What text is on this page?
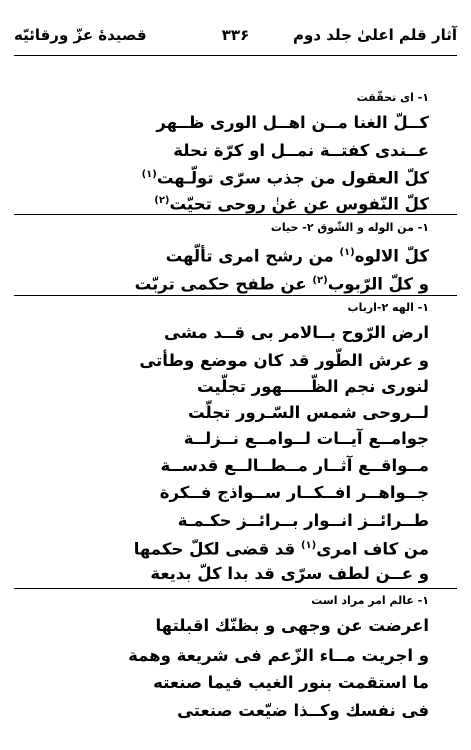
آثار قلم اعلیٰ جلد دوم
۳۳۶
قصيدهٔ عزّ ورقائيّه
۱- ای تحقّقت
كــلّ الغنا مــن اهــل الورى ظــهر
عــندى كفتــة نمــل او كرّة نحلة
كلّ العقول من جذب سرّى تولّـهت$^{(۱)}$
كلّ النّفوس عن غنٰ روحی تحیّت$^{(۲)}$
۱- من الوله و الشّوق ۲- حیات
كلّ الالوه$^{(۱)}$ من رشح امرى تألّهت
و كلّ الرّبوب$^{(۲)}$ عن طفح حكمی تربّت
۱- الهه ۲-ارباب
ارض الرّوح بــالامر بى قــد مشى
و عرش الطّور قد كان موضع وطأتى
لنورى نجم الظّـــــهور تجلّيت
لــروحى شمس السّـرور تجلّت
جوامــع آيــات لــوامــع نــزلــة
مــواقــع آثــار مــطــالــع قدســة
جــواهــر افــكــار ســواذج فــكرة
طــرائــز انــوار بــرائــز حكـمـة
من كاف امرى$^{(۱)}$ قد قضى لكلّ حكمها
و عــن لطف سرّى قد بدا كلّ بديعة
۱- عالم امر مراد است
اعرضت عن وجهى و بظنّك اقبلتها
و اجريت مــاء الزّعم فى شريعة وهمة
ما استقمت بنور الغيب فيما صنعته
فى نفسك وكــذا ضيّعت صنعتى
